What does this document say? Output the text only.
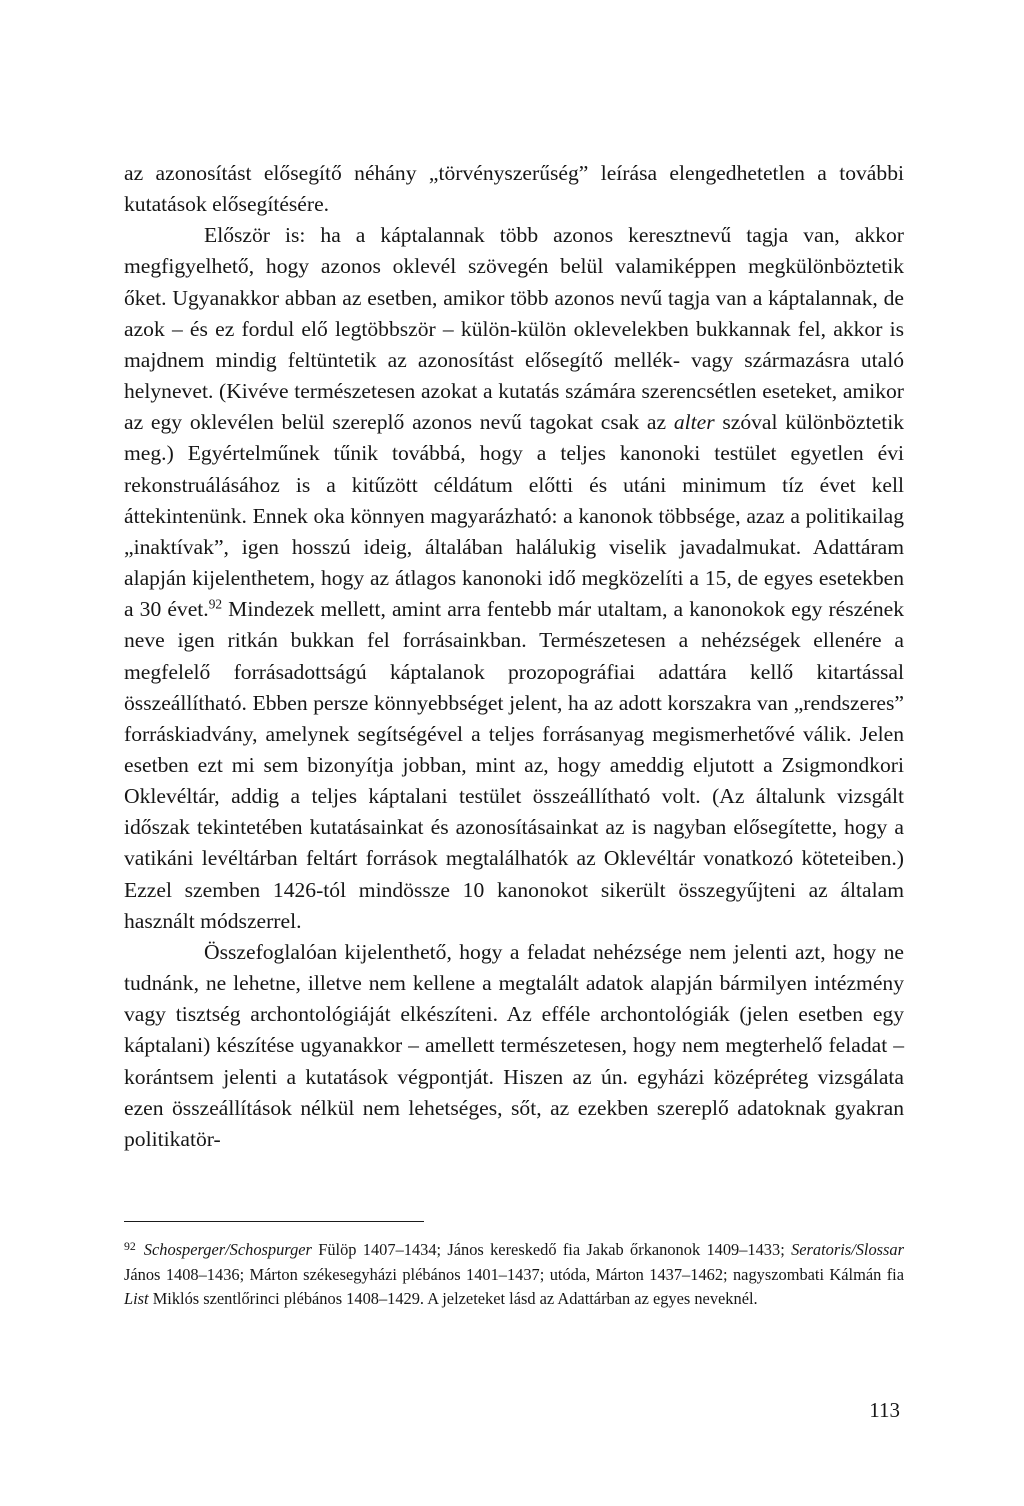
az azonosítást elősegítő néhány „törvényszerűség” leírása elengedhetetlen a további kutatások elősegítésére.

Először is: ha a káptalannak több azonos keresztnevű tagja van, akkor megfigyelhető, hogy azonos oklevél szövegén belül valamiképpen megkülönböztetik őket. Ugyanakkor abban az esetben, amikor több azonos nevű tagja van a káptalannak, de azok – és ez fordul elő legtöbbször – külön-külön oklevelekben bukkannak fel, akkor is majdnem mindig feltüntetik az azonosítást elősegítő mellék- vagy származásra utaló helynevet. (Kivéve természetesen azokat a kutatás számára szerencsétlen eseteket, amikor az egy oklevélen belül szereplő azonos nevű tagokat csak az alter szóval különböztetik meg.) Egyértelműnek tűnik továbbá, hogy a teljes kanonoki testület egyetlen évi rekonstruálásához is a kitűzött céldátum előtti és utáni minimum tíz évet kell áttekintenünk. Ennek oka könnyen magyarázható: a kanonok többsége, azaz a politikailag „inaktívak”, igen hosszú ideig, általában halálukig viselik javadalmukat. Adattáram alapján kijelenthetem, hogy az átlagos kanonoki idő megközelíti a 15, de egyes esetekben a 30 évet.$^{92}$ Mindezek mellett, amint arra fentebb már utaltam, a kanonokok egy részének neve igen ritkán bukkan fel forrásainkban. Természetesen a nehézségek ellenére a megfelelő forrásadottságú káptalanok prozopográfiai adattára kellő kitartással összeállítható. Ebben persze könnyebbséget jelent, ha az adott korszakra van „rendszeres” forráskiadvány, amelynek segítségével a teljes forrásanyag megismerhetővé válik. Jelen esetben ezt mi sem bizonyítja jobban, mint az, hogy ameddig eljutott a Zsigmondkori Oklevéltár, addig a teljes káptalani testület összeállítható volt. (Az általunk vizsgált időszak tekintetében kutatásainkat és azonosításainkat az is nagyban elősegítette, hogy a vatikáni levéltárban feltárt források megtalálhatók az Oklevéltár vonatkozó köteteiben.) Ezzel szemben 1426-tól mindössze 10 kanonokot sikerült összegyűjteni az általam használt módszerrel.

Összefoglalóan kijelenthető, hogy a feladat nehézsége nem jelenti azt, hogy ne tudnánk, ne lehetne, illetve nem kellene a megtalált adatok alapján bármilyen intézmény vagy tisztség archontológiáját elkészíteni. Az efféle archontológiák (jelen esetben egy káptalani) készítése ugyanakkor – amellett természetesen, hogy nem megterhelő feladat – korántsem jelenti a kutatások végpontját. Hiszen az ún. egyházi középréteg vizsgálata ezen összeállítások nélkül nem lehetséges, sőt, az ezekben szereplő adatoknak gyakran politikatör-

$^{92}$ Schosperger/Schospurger Fülöp 1407–1434; János kereskedő fia Jakab őrkanonok 1409–1433; Seratoris/Slossar János 1408–1436; Márton székesegyházi plébános 1401–1437; utóda, Márton 1437–1462; nagyszombati Kálmán fia List Miklós szentlőrinci plébános 1408–1429. A jelzeteket lásd az Adattárban az egyes neveknél.

113
